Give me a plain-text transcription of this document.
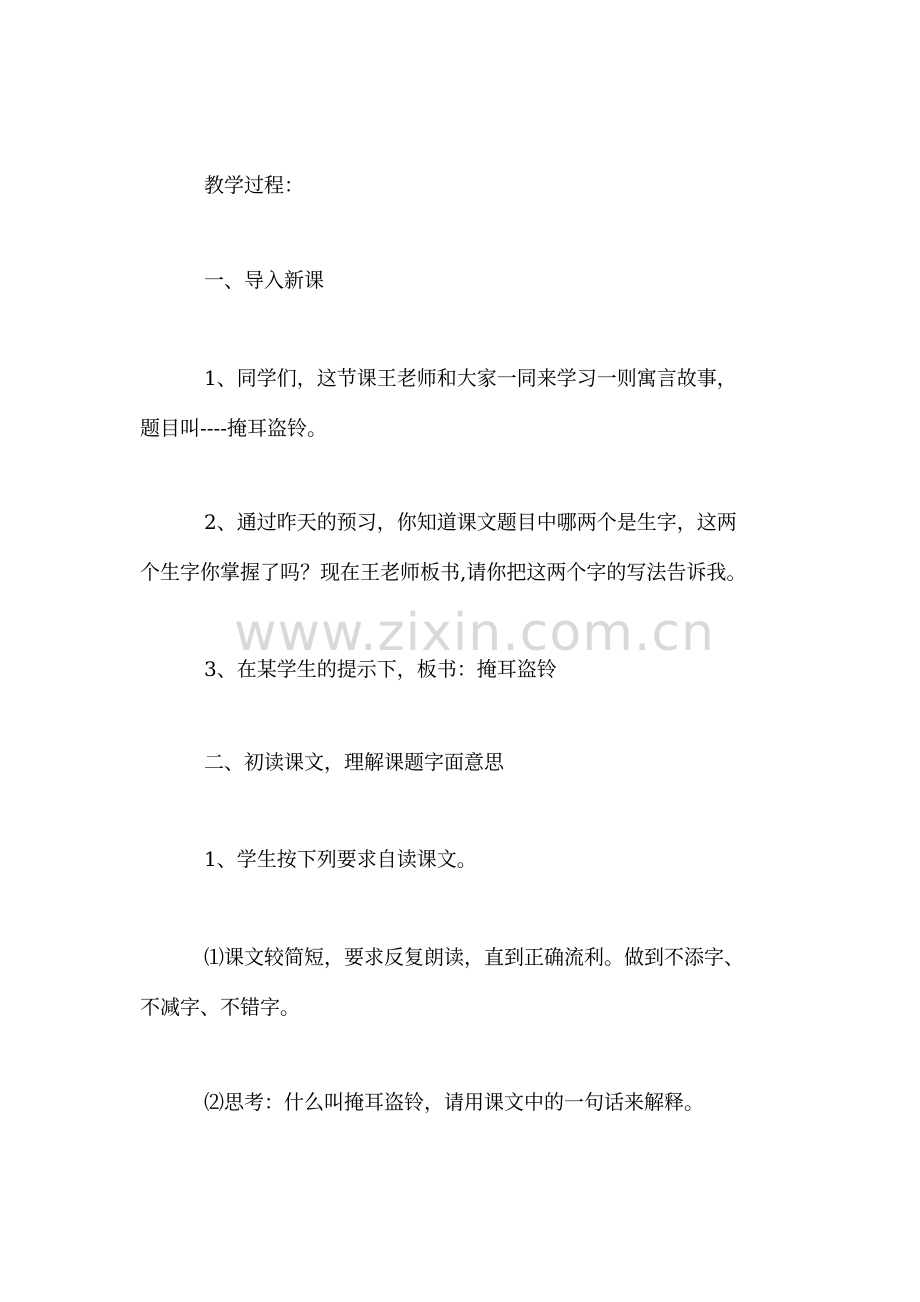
教学过程：

一、导入新课

1、同学们，这节课王老师和大家一同来学习一则寓言故事，
题目叫----掩耳盗铃。

2、通过昨天的预习，你知道课文题目中哪两个是生字，这两
个生字你掌握了吗？现在王老师板书,请你把这两个字的写法告诉我。

3、在某学生的提示下，板书：掩耳盗铃

二、初读课文，理解课题字面意思

1、学生按下列要求自读课文。

⑴课文较简短，要求反复朗读，直到正确流利。做到不添字、
不减字、不错字。

⑵思考：什么叫掩耳盗铃，请用课文中的一句话来解释。

www.zixin.com.cn
